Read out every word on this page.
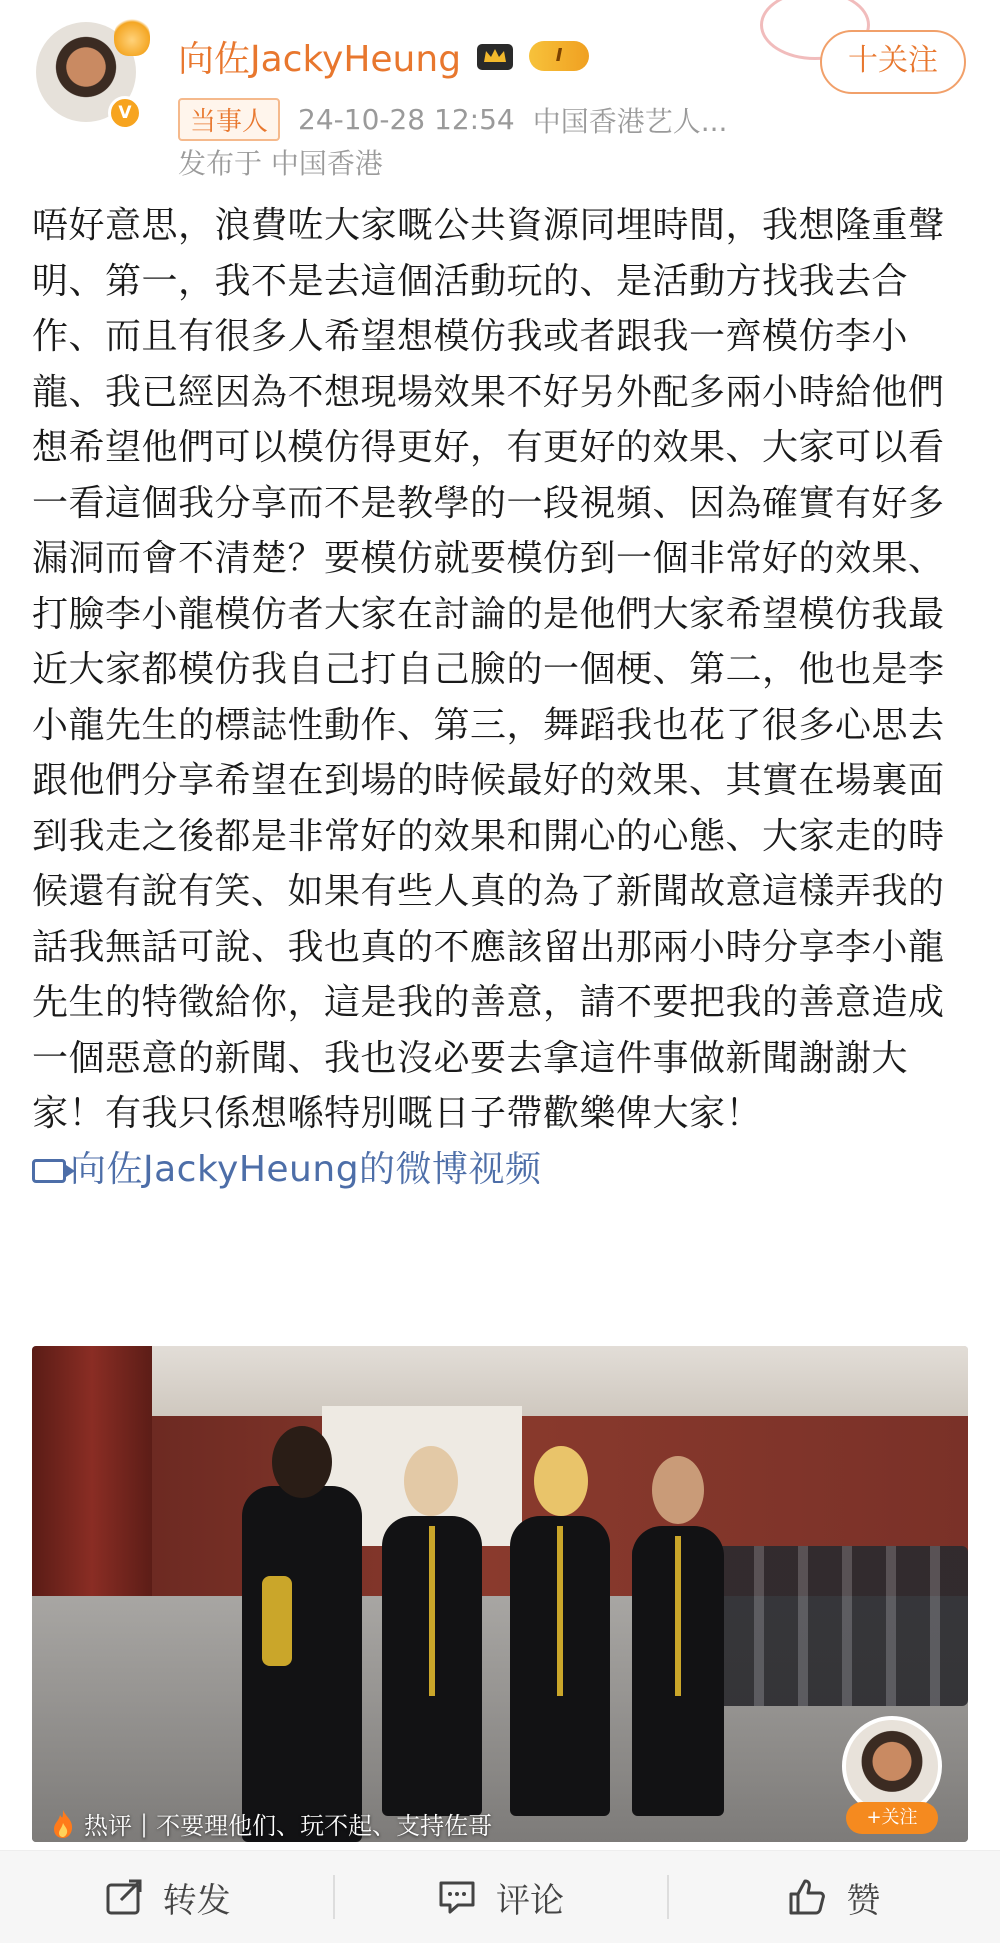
V
向佐JackyHeung	I	十关注
当事人	24-10-28 12:54 中国香港艺人...
发布于 中国香港
唔好意思，浪費咗大家嘅公共資源同埋時間，我想隆重聲明、第一，我不是去這個活動玩的、是活動方找我去合作、而且有很多人希望想模仿我或者跟我一齊模仿李小龍、我已經因為不想現場效果不好另外配多兩小時給他們想希望他們可以模仿得更好，有更好的效果、大家可以看一看這個我分享而不是教學的一段視頻、因為確實有好多漏洞而會不清楚？要模仿就要模仿到一個非常好的效果、打臉李小龍模仿者大家在討論的是他們大家希望模仿我最近大家都模仿我自己打自己臉的一個梗、第二，他也是李小龍先生的標誌性動作、第三，舞蹈我也花了很多心思去跟他們分享希望在到場的時候最好的效果、其實在場裏面到我走之後都是非常好的效果和開心的心態、大家走的時候還有說有笑、如果有些人真的為了新聞故意這樣弄我的話我無話可說、我也真的不應該留出那兩小時分享李小龍先生的特徵給你，這是我的善意，請不要把我的善意造成一個惡意的新聞、我也沒必要去拿這件事做新聞謝謝大家！有我只係想喺特別嘅日子帶歡樂俾大家！ 向佐JackyHeung的微博视频
+关注
热评 | 不要理他们、玩不起、支持佐哥
转发	评论	赞
